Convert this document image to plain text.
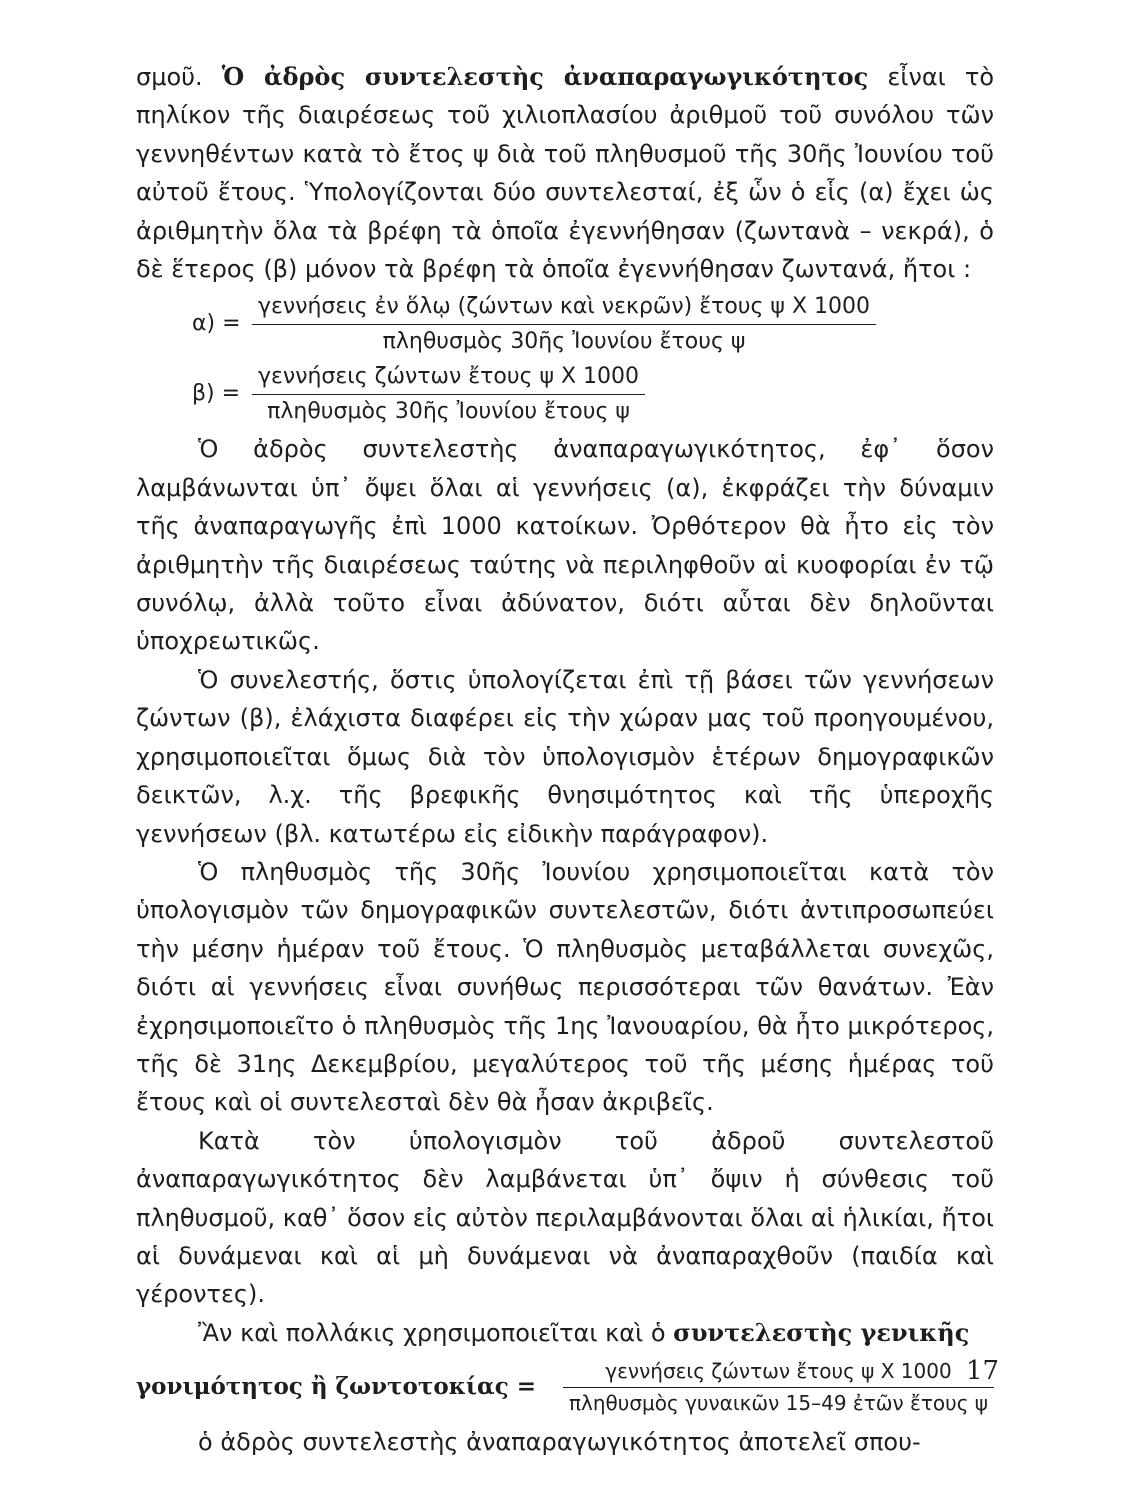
σμοῦ. Ὁ ἀδρὸς συντελεστὴς ἀναπαραγωγικότητος εἶναι τὸ πηλίκον τῆς διαιρέσεως τοῦ χιλιοπλασίου ἀριθμοῦ τοῦ συνόλου τῶν γεννηθέντων κατὰ τὸ ἔτος ψ διὰ τοῦ πληθυσμοῦ τῆς 30ῆς Ἰουνίου τοῦ αὐτοῦ ἔτους. Ὑπολογίζονται δύο συντελεσταί, ἐξ ὧν ὁ εἷς (α) ἔχει ὡς ἀριθμητὴν ὅλα τὰ βρέφη τὰ ὁποῖα ἐγεννήθησαν (ζωντανὰ – νεκρά), ὁ δὲ ἕτερος (β) μόνον τὰ βρέφη τὰ ὁποῖα ἐγεννήθησαν ζωντανά, ἤτοι :

$\alpha) = \frac{\text{γεννήσεις ἐν ὅλῳ (ζώντων καὶ νεκρῶν) ἔτους ψ Χ 1000}}{\text{πληθυσμὸς 30ῆς Ἰουνίου ἔτους ψ}}$
$\beta) = \frac{\text{γεννήσεις ζώντων ἔτους ψ Χ 1000}}{\text{πληθυσμὸς 30ῆς Ἰουνίου ἔτους ψ}}$

Ὁ ἀδρὸς συντελεστὴς ἀναπαραγωγικότητος, ἐφ᾽ ὅσον λαμβάνωνται ὑπ᾽ ὄψει ὅλαι αἱ γεννήσεις (α), ἐκφράζει τὴν δύναμιν τῆς ἀναπαραγωγῆς ἐπὶ 1000 κατοίκων. Ὀρθότερον θὰ ἦτο εἰς τὸν ἀριθμητὴν τῆς διαιρέσεως ταύτης νὰ περιληφθοῦν αἱ κυοφορίαι ἐν τῷ συνόλῳ, ἀλλὰ τοῦτο εἶναι ἀδύνατον, διότι αὗται δὲν δηλοῦνται ὑποχρεωτικῶς.

Ὁ συνελεστής, ὅστις ὑπολογίζεται ἐπὶ τῇ βάσει τῶν γεννήσεων ζώντων (β), ἐλάχιστα διαφέρει εἰς τὴν χώραν μας τοῦ προηγουμένου, χρησιμοποιεῖται ὅμως διὰ τὸν ὑπολογισμὸν ἑτέρων δημογραφικῶν δεικτῶν, λ.χ. τῆς βρεφικῆς θνησιμότητος καὶ τῆς ὑπεροχῆς γεννήσεων (βλ. κατωτέρω εἰς εἰδικὴν παράγραφον).

Ὁ πληθυσμὸς τῆς 30ῆς Ἰουνίου χρησιμοποιεῖται κατὰ τὸν ὑπολογισμὸν τῶν δημογραφικῶν συντελεστῶν, διότι ἀντιπροσωπεύει τὴν μέσην ἡμέραν τοῦ ἔτους. Ὁ πληθυσμὸς μεταβάλλεται συνεχῶς, διότι αἱ γεννήσεις εἶναι συνήθως περισσότεραι τῶν θανάτων. Ἐὰν ἐχρησιμοποιεῖτο ὁ πληθυσμὸς τῆς 1ης Ἰανουαρίου, θὰ ἦτο μικρότερος, τῆς δὲ 31ης Δεκεμβρίου, μεγαλύτερος τοῦ τῆς μέσης ἡμέρας τοῦ ἔτους καὶ οἱ συντελεσταὶ δὲν θὰ ἦσαν ἀκριβεῖς.

Κατὰ τὸν ὑπολογισμὸν τοῦ ἀδροῦ συντελεστοῦ ἀναπαραγωγικότητος δὲν λαμβάνεται ὑπ᾽ ὄψιν ἡ σύνθεσις τοῦ πληθυσμοῦ, καθ᾽ ὅσον εἰς αὐτὸν περιλαμβάνονται ὅλαι αἱ ἡλικίαι, ἤτοι αἱ δυνάμεναι καὶ αἱ μὴ δυνάμεναι νὰ ἀναπαραχθοῦν (παιδία καὶ γέροντες).

Ἂν καὶ πολλάκις χρησιμοποιεῖται καὶ ὁ συντελεστὴς γενικῆς

γονιμότητος ἢ $\zeta\omega\nu\tau o\tau o\kappa ί\alpha\varsigma = \frac{\text{γεννήσεις ζώντων ἔτους ψ Χ 1000}}{\text{πληθυσμὸς γυναικῶν 15–49 ἐτῶν ἔτους ψ}}$

ὁ ἀδρὸς συντελεστὴς ἀναπαραγωγικότητος ἀποτελεῖ σπου-

17
